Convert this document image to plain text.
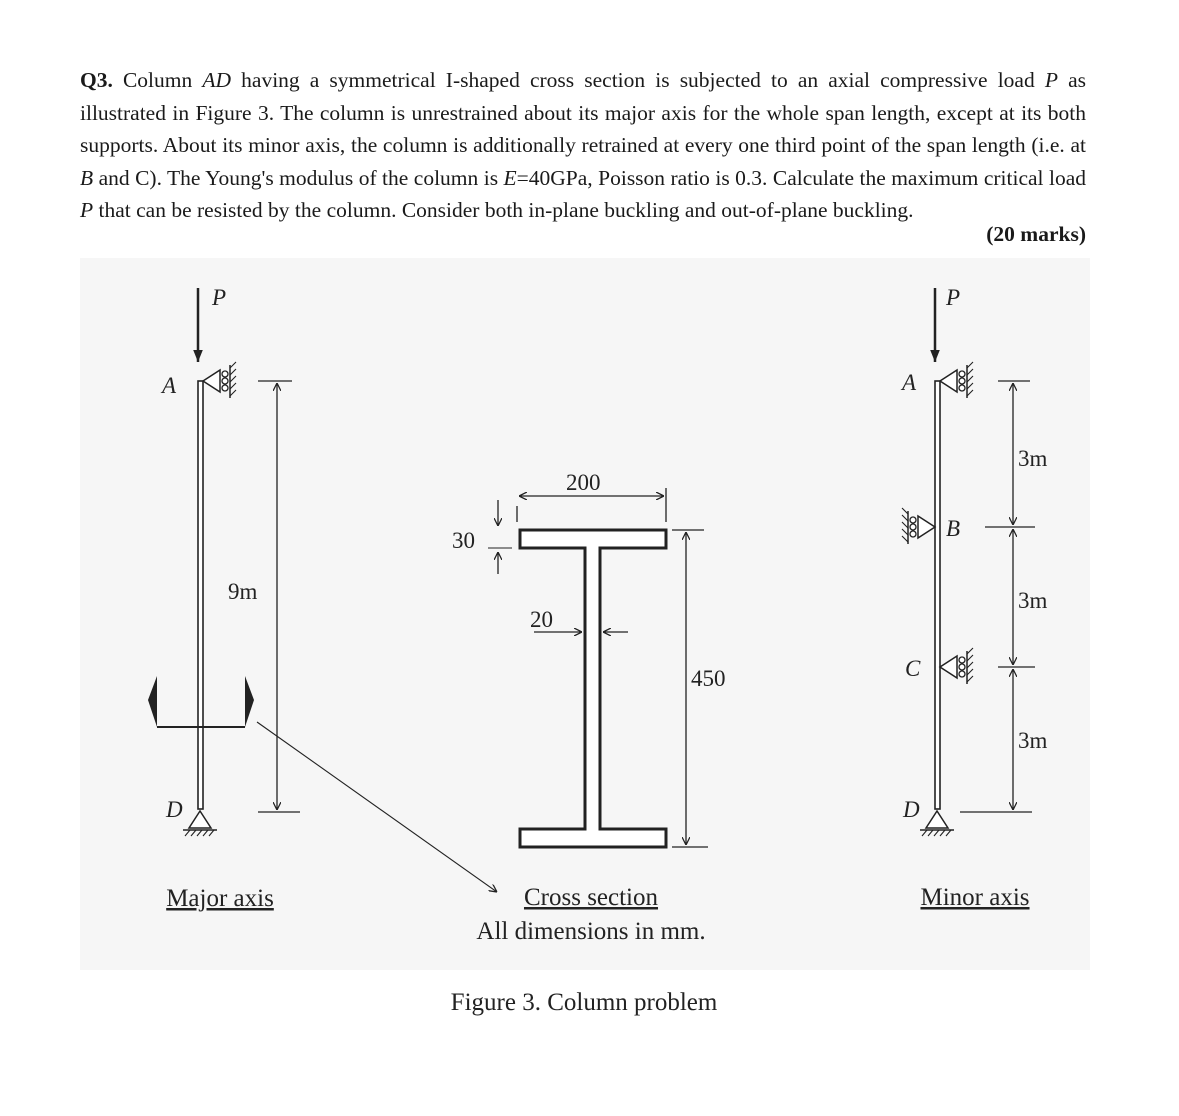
Q3. Column AD having a symmetrical I-shaped cross section is subjected to an axial compressive load P as illustrated in Figure 3. The column is unrestrained about its major axis for the whole span length, except at its both supports. About its minor axis, the column is additionally retrained at every one third point of the span length (i.e. at B and C). The Young's modulus of the column is E=40GPa, Poisson ratio is 0.3. Calculate the maximum critical load P that can be resisted by the column. Consider both in-plane buckling and out-of-plane buckling.

(20 marks)
P
A
9m
D
Major axis
200
30
20
450
Cross section
All dimensions in mm.
P
A
B
C
D
3m
3m
3m
Minor axis
Figure 3. Column problem
